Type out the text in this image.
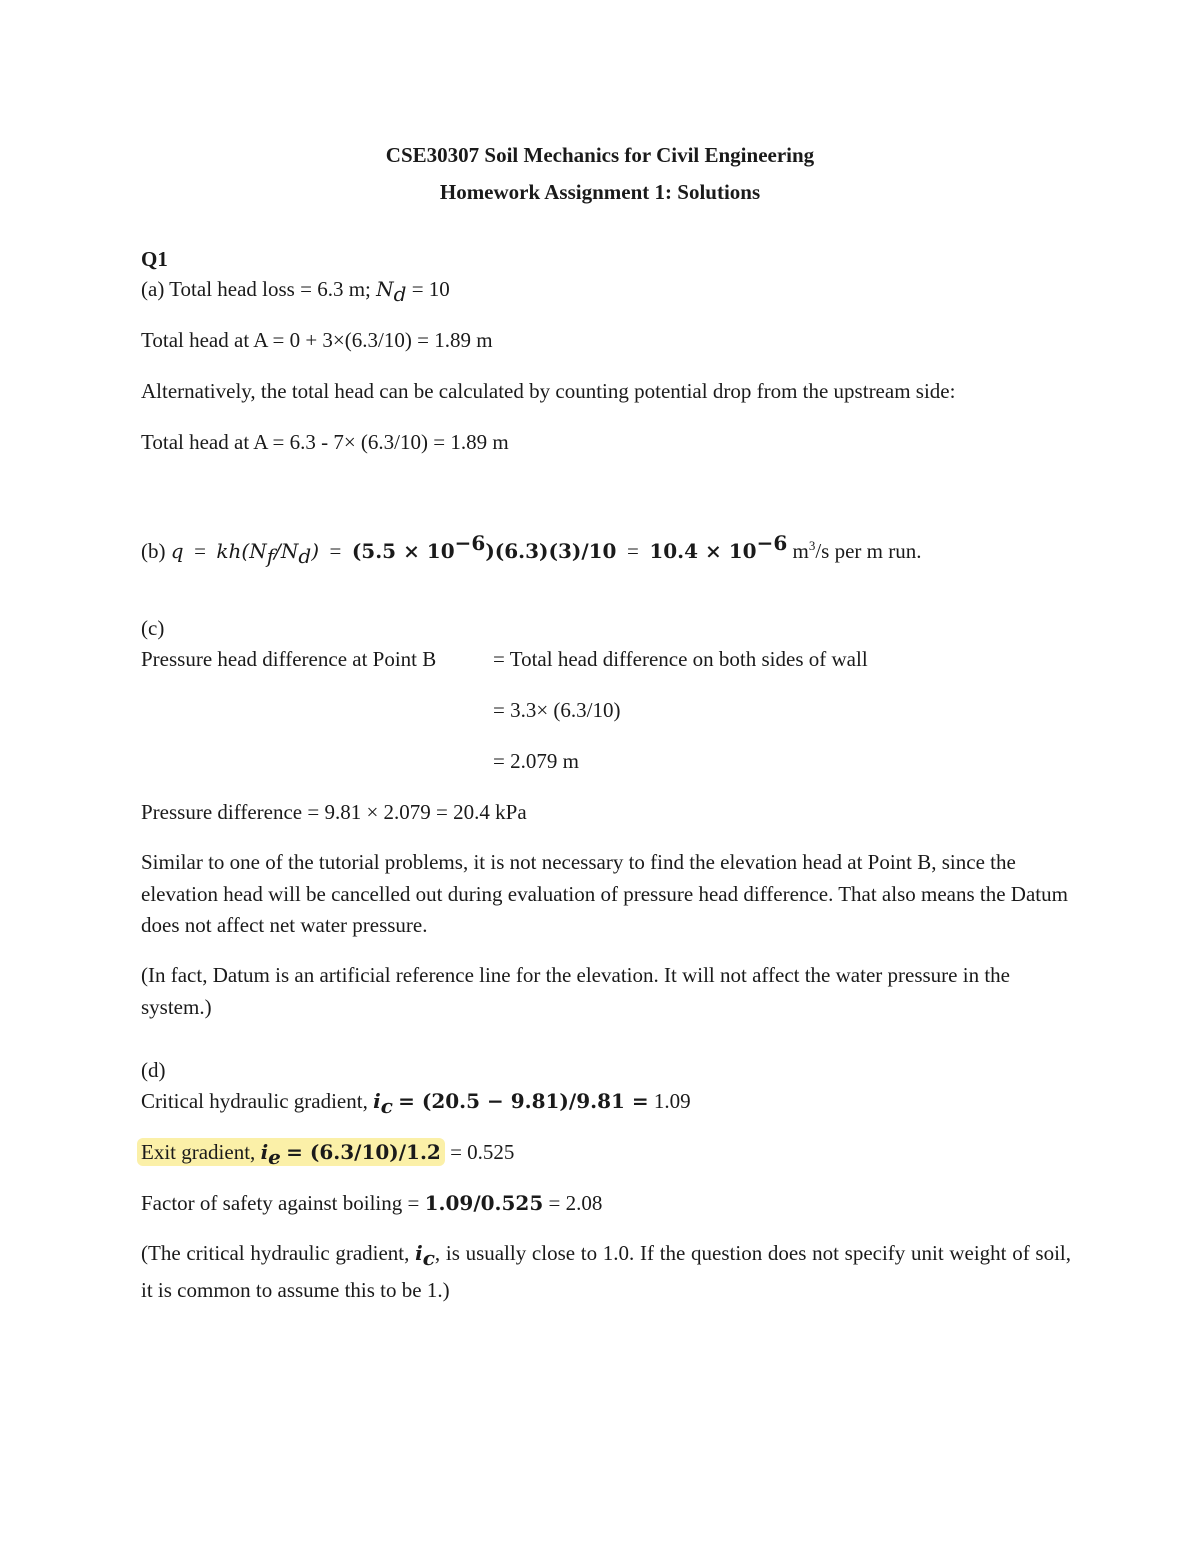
CSE30307 Soil Mechanics for Civil Engineering
Homework Assignment 1: Solutions
Q1
(a) Total head loss = 6.3 m; $N_d = 10$
Total head at A = 0 + 3×(6.3/10) = 1.89 m
Alternatively, the total head can be calculated by counting potential drop from the upstream side:
Total head at A = 6.3 - 7× (6.3/10) = 1.89 m
(b) $q = kh(N_f/N_d) = (5.5 \times 10^{-6})(6.3)(3)/10 = 10.4 \times 10^{-6}$ $m^3/s$ per m run.
(c)
Pressure head difference at Point B	= Total head difference on both sides of wall
= 3.3× (6.3/10)
= 2.079 m
Pressure difference = 9.81 × 2.079 = 20.4 kPa
Similar to one of the tutorial problems, it is not necessary to find the elevation head at Point B, since the elevation head will be cancelled out during evaluation of pressure head difference. That also means the Datum does not affect net water pressure.
(In fact, Datum is an artificial reference line for the elevation. It will not affect the water pressure in the system.)
(d)
Critical hydraulic gradient, $i_c = (20.5 - 9.81)/9.81 = 1.09$
Exit gradient, $i_e = (6.3/10)/1.2 = 0.525$
Factor of safety against boiling = 1.09/0.525 = 2.08
(The critical hydraulic gradient, $i_c$, is usually close to 1.0. If the question does not specify unit weight of soil, it is common to assume this to be 1.)
